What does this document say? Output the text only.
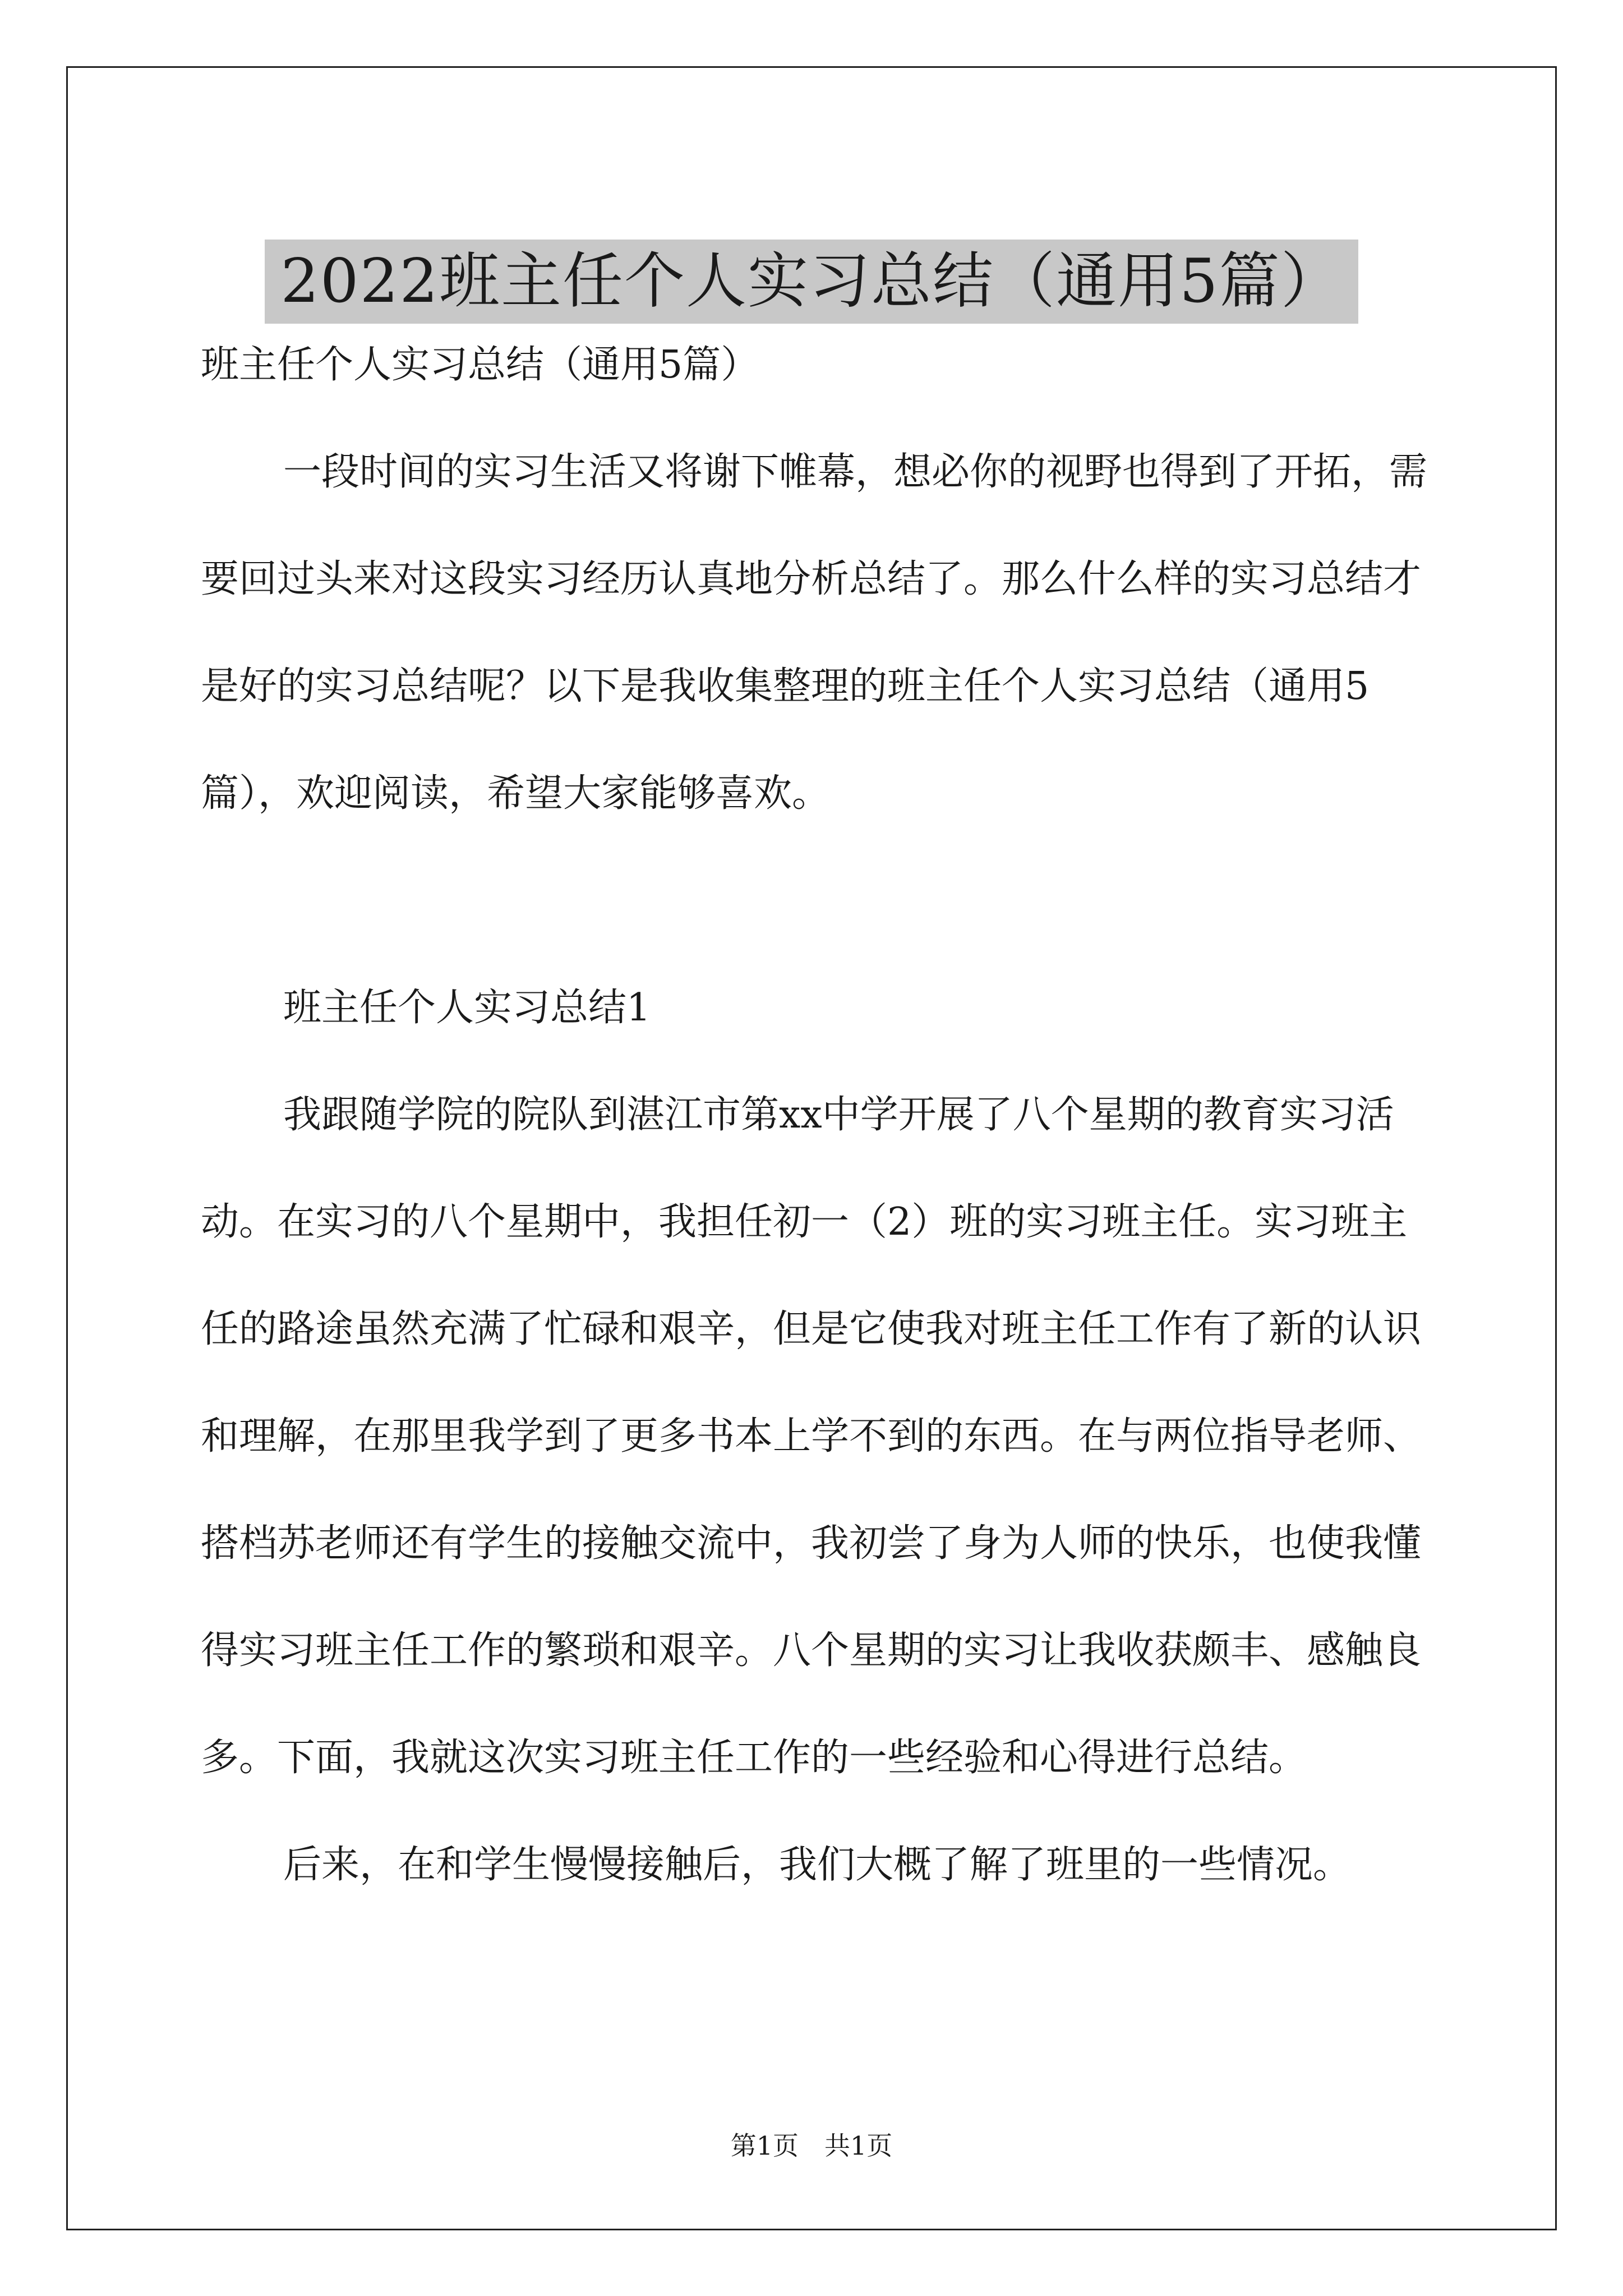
2022班主任个人实习总结（通用5篇）

班主任个人实习总结（通用5篇）

一段时间的实习生活又将谢下帷幕，想必你的视野也得到了开拓，需要回过头来对这段实习经历认真地分析总结了。那么什么样的实习总结才是好的实习总结呢？以下是我收集整理的班主任个人实习总结（通用5篇），欢迎阅读，希望大家能够喜欢。

班主任个人实习总结1

我跟随学院的院队到湛江市第xx中学开展了八个星期的教育实习活动。在实习的八个星期中，我担任初一（2）班的实习班主任。实习班主任的路途虽然充满了忙碌和艰辛，但是它使我对班主任工作有了新的认识和理解，在那里我学到了更多书本上学不到的东西。在与两位指导老师、搭档苏老师还有学生的接触交流中，我初尝了身为人师的快乐，也使我懂得实习班主任工作的繁琐和艰辛。八个星期的实习让我收获颇丰、感触良多。下面，我就这次实习班主任工作的一些经验和心得进行总结。

后来，在和学生慢慢接触后，我们大概了解了班里的一些情况。

第1页 共1页
